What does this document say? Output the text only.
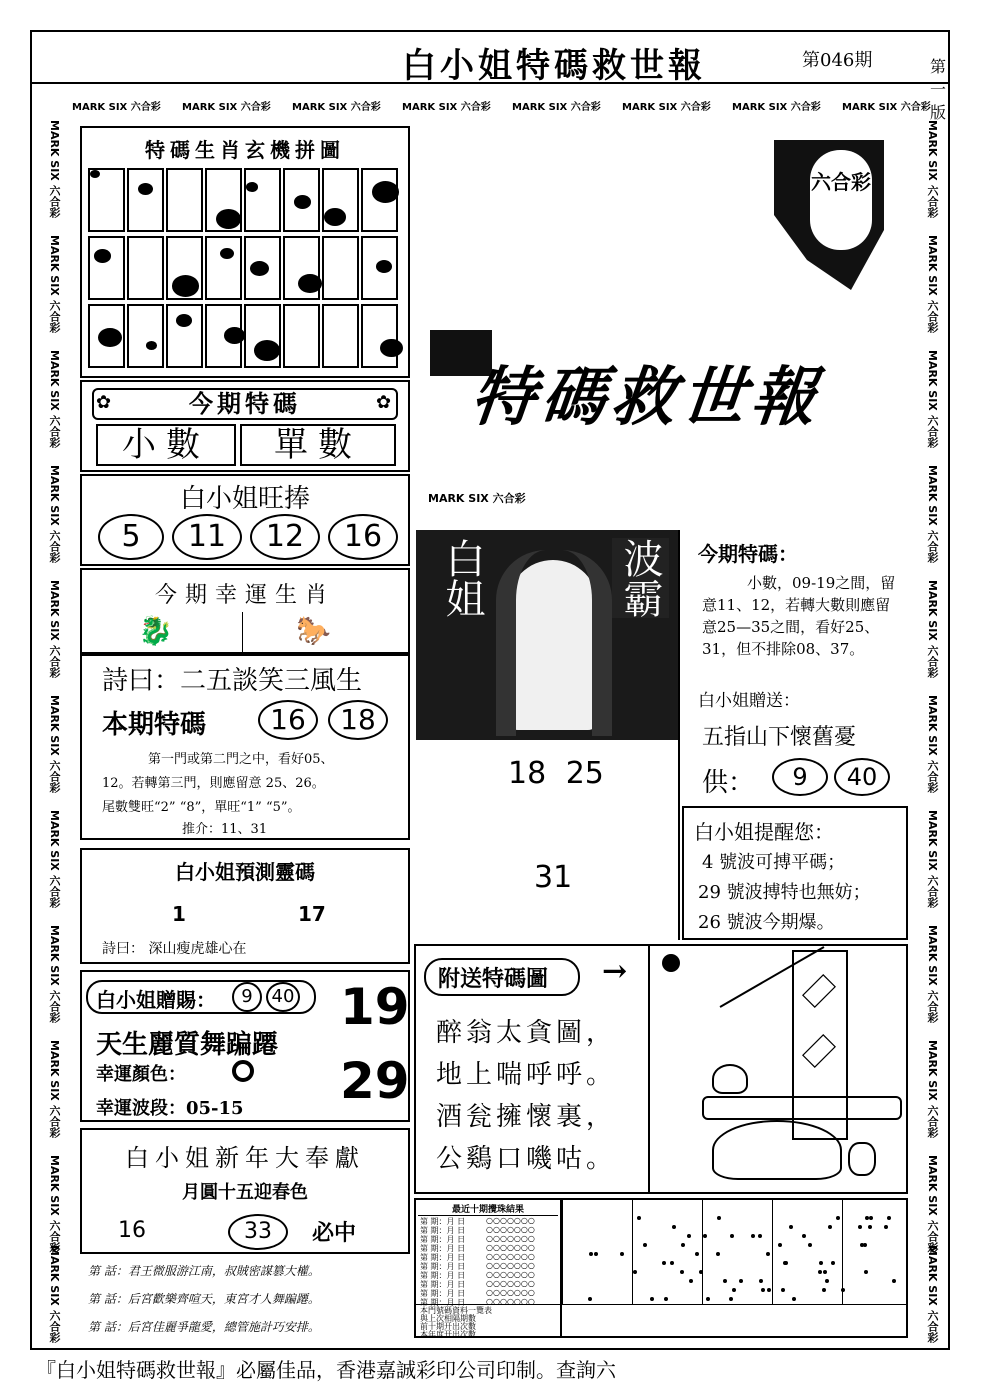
白小姐特碼救世報	第046期	第一版
MARK SIX 六合彩 MARK SIX 六合彩 MARK SIX 六合彩 MARK SIX 六合彩 MARK SIX 六合彩 MARK SIX 六合彩 MARK SIX 六合彩 MARK SIX 六合彩
MARK SIX 六合彩
MARK SIX 六合彩
MARK SIX 六合彩
MARK SIX 六合彩
MARK SIX 六合彩
MARK SIX 六合彩
MARK SIX 六合彩
MARK SIX 六合彩
MARK SIX 六合彩
MARK SIX 六合彩
MARK SIX 六合彩
MARK SIX 六合彩
MARK SIX 六合彩
MARK SIX 六合彩
MARK SIX 六合彩
MARK SIX 六合彩
MARK SIX 六合彩
MARK SIX 六合彩
MARK SIX 六合彩
MARK SIX 六合彩
MARK SIX 六合彩
MARK SIX 六合彩
特碼生肖玄機拼圖
今期特碼
✿	✿
小數	單數
白小姐旺捧
5	11	12	16
今期幸運生肖
🐉	🐎
詩曰：二五談笑三風生
本期特碼	16	18
第一門或第二門之中，看好05、
12。若轉第三門，則應留意 25、26。
尾數雙旺“2” “8”，單旺“1” “5”。
推介：11、31
白小姐預測靈碼
1	17
詩曰： 深山瘦虎雄心在
白小姐贈賜：	9	40
天生麗質舞蹁蹮
幸運顏色：
幸運波段：05-15
19
29
白小姐新年大奉獻
月圓十五迎春色
16	33	必中
第 話：君王微服游江南，叔賊密謀篡大權。
第 話：后宮歡樂齊喧天，東宮才人舞蹁蹮。
第 話：后宮佳麗爭龍愛，總管施計巧安排。
六合彩
特碼救世報
MARK SIX 六合彩
白姐	波霸
18 25
31
今期特碼：
小數，09-19之間，留意11、12，若轉大數則應留意25—35之間，看好25、31，但不排除08、37。
白小姐贈送：
五指山下懷舊憂
供：	9	40
白小姐提醒您：
4 號波可搏平碼；
29 號波搏特也無妨；
26 號波今期爆。
附送特碼圖 →
醉翁太貪圖，
地上喘呼呼。
酒瓮擁懷裏，
公鷄口嘰咕。
最近十期攪珠結果
本門號碼資料一覽表
與上次相隔期數
前十期开出次數
本年度开出次數
第 期：月 日	○○○○○○○
第 期：月 日	○○○○○○○
第 期：月 日	○○○○○○○
第 期：月 日	○○○○○○○
第 期：月 日	○○○○○○○
第 期：月 日	○○○○○○○
第 期：月 日	○○○○○○○
第 期：月 日	○○○○○○○
第 期：月 日	○○○○○○○
第 期：月 日	○○○○○○○
『白小姐特碼救世報』必屬佳品，香港嘉誠彩印公司印制。查詢六
